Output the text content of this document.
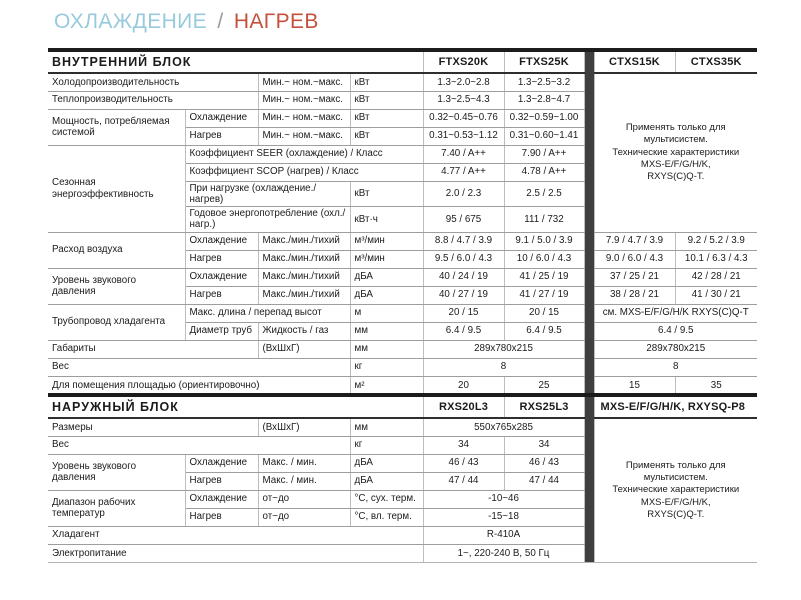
ОХЛАЖДЕНИЕ / НАГРЕВ
ВНУТРЕННИЙ БЛОК				FTXS20K	FTXS25K		CTXS15K	CTXS35K
Холодопроизводительность		Мин.~ ном.~макс.	кВт	1.3~2.0~2.8	1.3~2.5~3.2		Применять только для мультисистем.
Технические характеристики
MXS-E/F/G/H/K,
RXYS(C)Q-T.	

Теплопроизводительность		Мин.~ ном.~макс.	кВт	1.3~2.5~4.3	1.3~2.8~4.7			
Мощность, потребляемая системой	Охлаждение	Мин.~ ном.~макс.	кВт	0.32~0.45~0.76	0.32~0.59~1.00			
	Нагрев	Мин.~ ном.~макс.	кВт	0.31~0.53~1.12	0.31~0.60~1.41			
Сезонная энергоэффективность	Коэффициент SEER (охлаждение) / Класс			7.40 / A++	7.90 / A++			
	Коэффициент SCOP (нагрев) / Класс			4.77 / A++	4.78 / A++			
	При нагрузке (охлаждение./нагрев)		кВт	2.0 / 2.3	2.5 / 2.5			
	Годовое энергопотребление (охл./нагр.)		кВт·ч	95 / 675	111 / 732			
Расход воздуха	Охлаждение	Макс./мин./тихий	м³/мин	8.8 / 4.7 / 3.9	9.1 / 5.0 / 3.9		7.9 / 4.7 / 3.9	9.2 / 5.2 / 3.9
	Нагрев	Макс./мин./тихий	м³/мин	9.5 / 6.0 / 4.3	10 / 6.0 / 4.3		9.0 / 6.0 / 4.3	10.1 / 6.3 / 4.3
Уровень звукового давления	Охлаждение	Макс./мин./тихий	дБА	40 / 24 / 19	41 / 25 / 19		37 / 25 / 21	42 / 28 / 21
	Нагрев	Макс./мин./тихий	дБА	40 / 27 / 19	41 / 27 / 19		38 / 28 / 21	41 / 30 / 21
Трубопровод хладагента	Макс. длина / перепад высот		м	20 / 15	20 / 15		см. MXS-E/F/G/H/K RXYS(C)Q-T	
	Диаметр труб	Жидкость / газ	мм	6.4 / 9.5	6.4 / 9.5		6.4 / 9.5	
Габариты		(ВхШхГ)	мм	289x780x215			289x780x215	
Вес			кг	8			8	
Для помещения площадью (ориентировочно)			м²	20	25		15	35
НАРУЖНЫЙ БЛОК				RXS20L3	RXS25L3		MXS-E/F/G/H/K, RXYSQ-P8
Размеры		(ВхШхГ)	мм	550x765x285			Применять только для мультисистем.
Технические характеристики
MXS-E/F/G/H/K,
RXYS(C)Q-T.

Вес			кг	34	34		
Уровень звукового давления	Охлаждение	Макс. / мин.	дБА	46 / 43	46 / 43		
	Нагрев	Макс. / мин.	дБА	47 / 44	47 / 44		
Диапазон рабочих температур	Охлаждение	от~до	°С, сух. терм.	-10~46			
	Нагрев	от~до	°С, вл. терм.	-15~18			
Хладагент				R-410A			
Электропитание				1~, 220-240 В, 50 Гц			
